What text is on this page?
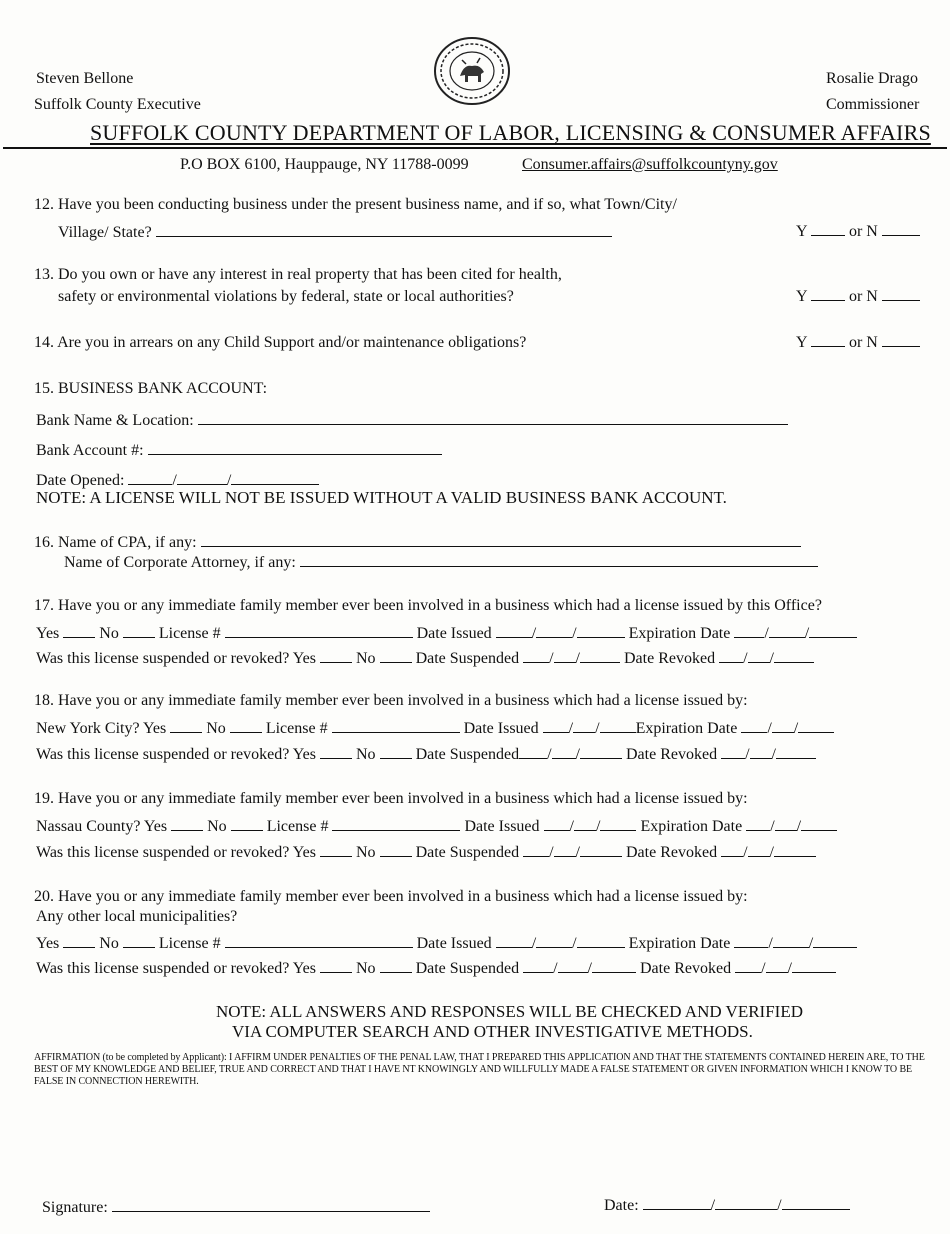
Steven Bellone
Suffolk County Executive
Rosalie Drago
Commissioner
SUFFOLK COUNTY DEPARTMENT OF LABOR, LICENSING & CONSUMER AFFAIRS
P.O BOX 6100, Hauppauge, NY 11788-0099	Consumer.affairs@suffolkcountyny.gov
12. Have you been conducting business under the present business name, and if so, what Town/City/
Village/ State?	Y	or N
13. Do you own or have any interest in real property that has been cited for health,
safety or environmental violations by federal, state or local authorities?	Y	or N
14. Are you in arrears on any Child Support and/or maintenance obligations?	Y	or N
15. BUSINESS BANK ACCOUNT:
Bank Name & Location:
Bank Account #:
Date Opened:	/	/
NOTE: A LICENSE WILL NOT BE ISSUED WITHOUT A VALID BUSINESS BANK ACCOUNT.
16. Name of CPA, if any:
Name of Corporate Attorney, if any:
17. Have you or any immediate family member ever been involved in a business which had a license issued by this Office?
Yes	No	License #	Date Issued	/ /	Expiration Date / /
Was this license suspended or revoked? Yes	No	Date Suspended / /	Date Revoked / /
18. Have you or any immediate family member ever been involved in a business which had a license issued by:
New York City? Yes	No	License #	Date Issued / / Expiration Date / /
Was this license suspended or revoked? Yes	No	Date Suspended / /	Date Revoked / /
19. Have you or any immediate family member ever been involved in a business which had a license issued by:
Nassau County? Yes	No	License #	Date Issued / /	Expiration Date / /
Was this license suspended or revoked? Yes	No	Date Suspended / /	Date Revoked / /
20. Have you or any immediate family member ever been involved in a business which had a license issued by:
Any other local municipalities?
Yes	No	License #	Date Issued	/ /	Expiration Date / /
Was this license suspended or revoked? Yes	No	Date Suspended / /	Date Revoked / /
NOTE: ALL ANSWERS AND RESPONSES WILL BE CHECKED AND VERIFIED
VIA COMPUTER SEARCH AND OTHER INVESTIGATIVE METHODS.
AFFIRMATION (to be completed by Applicant): I AFFIRM UNDER PENALTIES OF THE PENAL LAW, THAT I PREPARED THIS APPLICATION AND THAT THE STATEMENTS CONTAINED HEREIN ARE, TO THE BEST OF MY KNOWLEDGE AND BELIEF, TRUE AND CORRECT AND THAT I HAVE NT KNOWINGLY AND WILLFULLY MADE A FALSE STATEMENT OR GIVEN INFORMATION WHICH I KNOW TO BE FALSE IN CONNECTION HEREWITH.
Signature:	Date:	/	/
